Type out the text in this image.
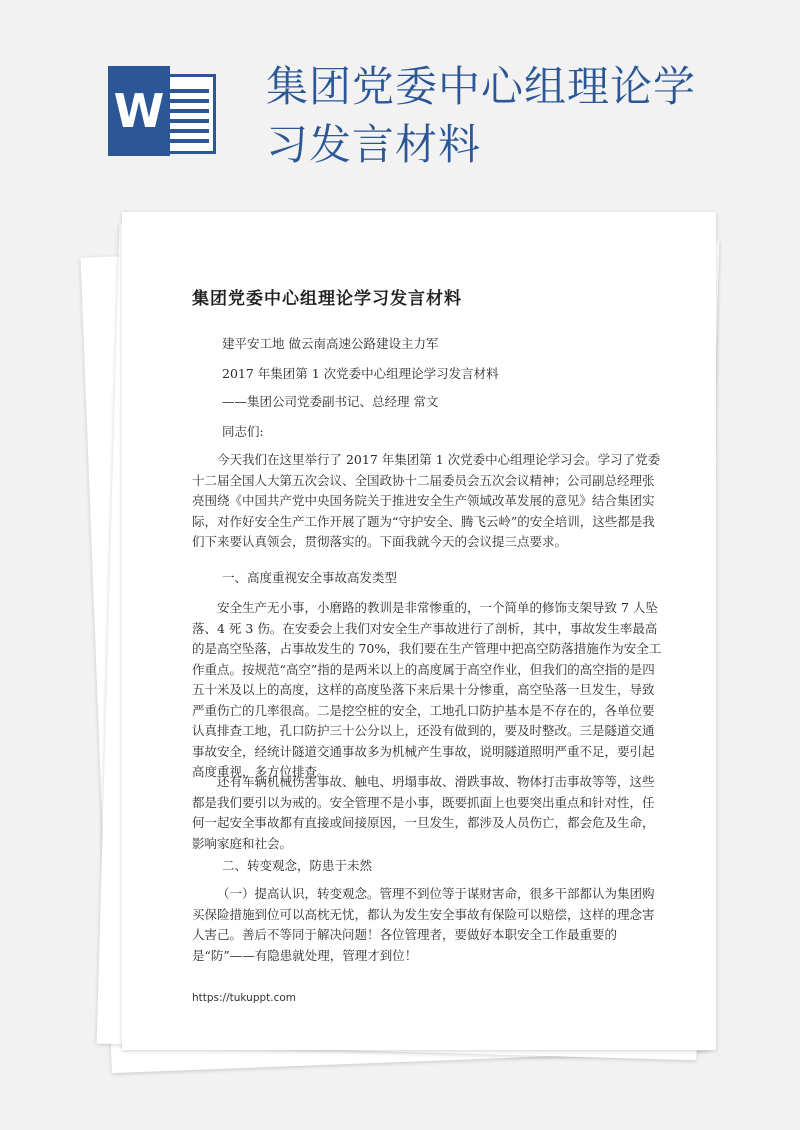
W 集团党委中心组理论学习发言材料
集团党委中心组理论学习发言材料

建平安工地 做云南高速公路建设主力军

2017 年集团第 1 次党委中心组理论学习发言材料

——集团公司党委副书记、总经理 常文

同志们:

今天我们在这里举行了 2017 年集团第 1 次党委中心组理论学习会。学习了党委十二届全国人大第五次会议、全国政协十二届委员会五次会议精神；公司副总经理张亮围绕《中国共产党中央国务院关于推进安全生产领域改革发展的意见》结合集团实际，对作好安全生产工作开展了题为“守护安全、腾飞云岭”的安全培训，这些都是我们下来要认真领会，贯彻落实的。下面我就今天的会议提三点要求。

一、高度重视安全事故高发类型

安全生产无小事，小磨路的教训是非常惨重的，一个简单的修饰支架导致 7 人坠落、4 死 3 伤。在安委会上我们对安全生产事故进行了剖析，其中，事故发生率最高的是高空坠落，占事故发生的 70%，我们要在生产管理中把高空防落措施作为安全工作重点。按规范“高空”指的是两米以上的高度属于高空作业，但我们的高空指的是四五十米及以上的高度，这样的高度坠落下来后果十分惨重，高空坠落一旦发生，导致严重伤亡的几率很高。二是挖空桩的安全，工地孔口防护基本是不存在的，各单位要认真排查工地，孔口防护三十公分以上，还没有做到的，要及时整改。三是隧道交通事故安全，经统计隧道交通事故多为机械产生事故，说明隧道照明严重不足，要引起高度重视，多方位排查。

还有车辆机械伤害事故、触电、坍塌事故、滑跌事故、物体打击事故等等，这些都是我们要引以为戒的。安全管理不是小事，既要抓面上也要突出重点和针对性，任何一起安全事故都有直接或间接原因，一旦发生，都涉及人员伤亡，都会危及生命，影响家庭和社会。

二、转变观念，防患于未然

（一）提高认识，转变观念。管理不到位等于谋财害命，很多干部都认为集团购买保险措施到位可以高枕无忧，都认为发生安全事故有保险可以赔偿，这样的理念害人害己。善后不等同于解决问题！各位管理者，要做好本职安全工作最重要的是“防”——有隐患就处理，管理才到位！

https://tukuppt.com
